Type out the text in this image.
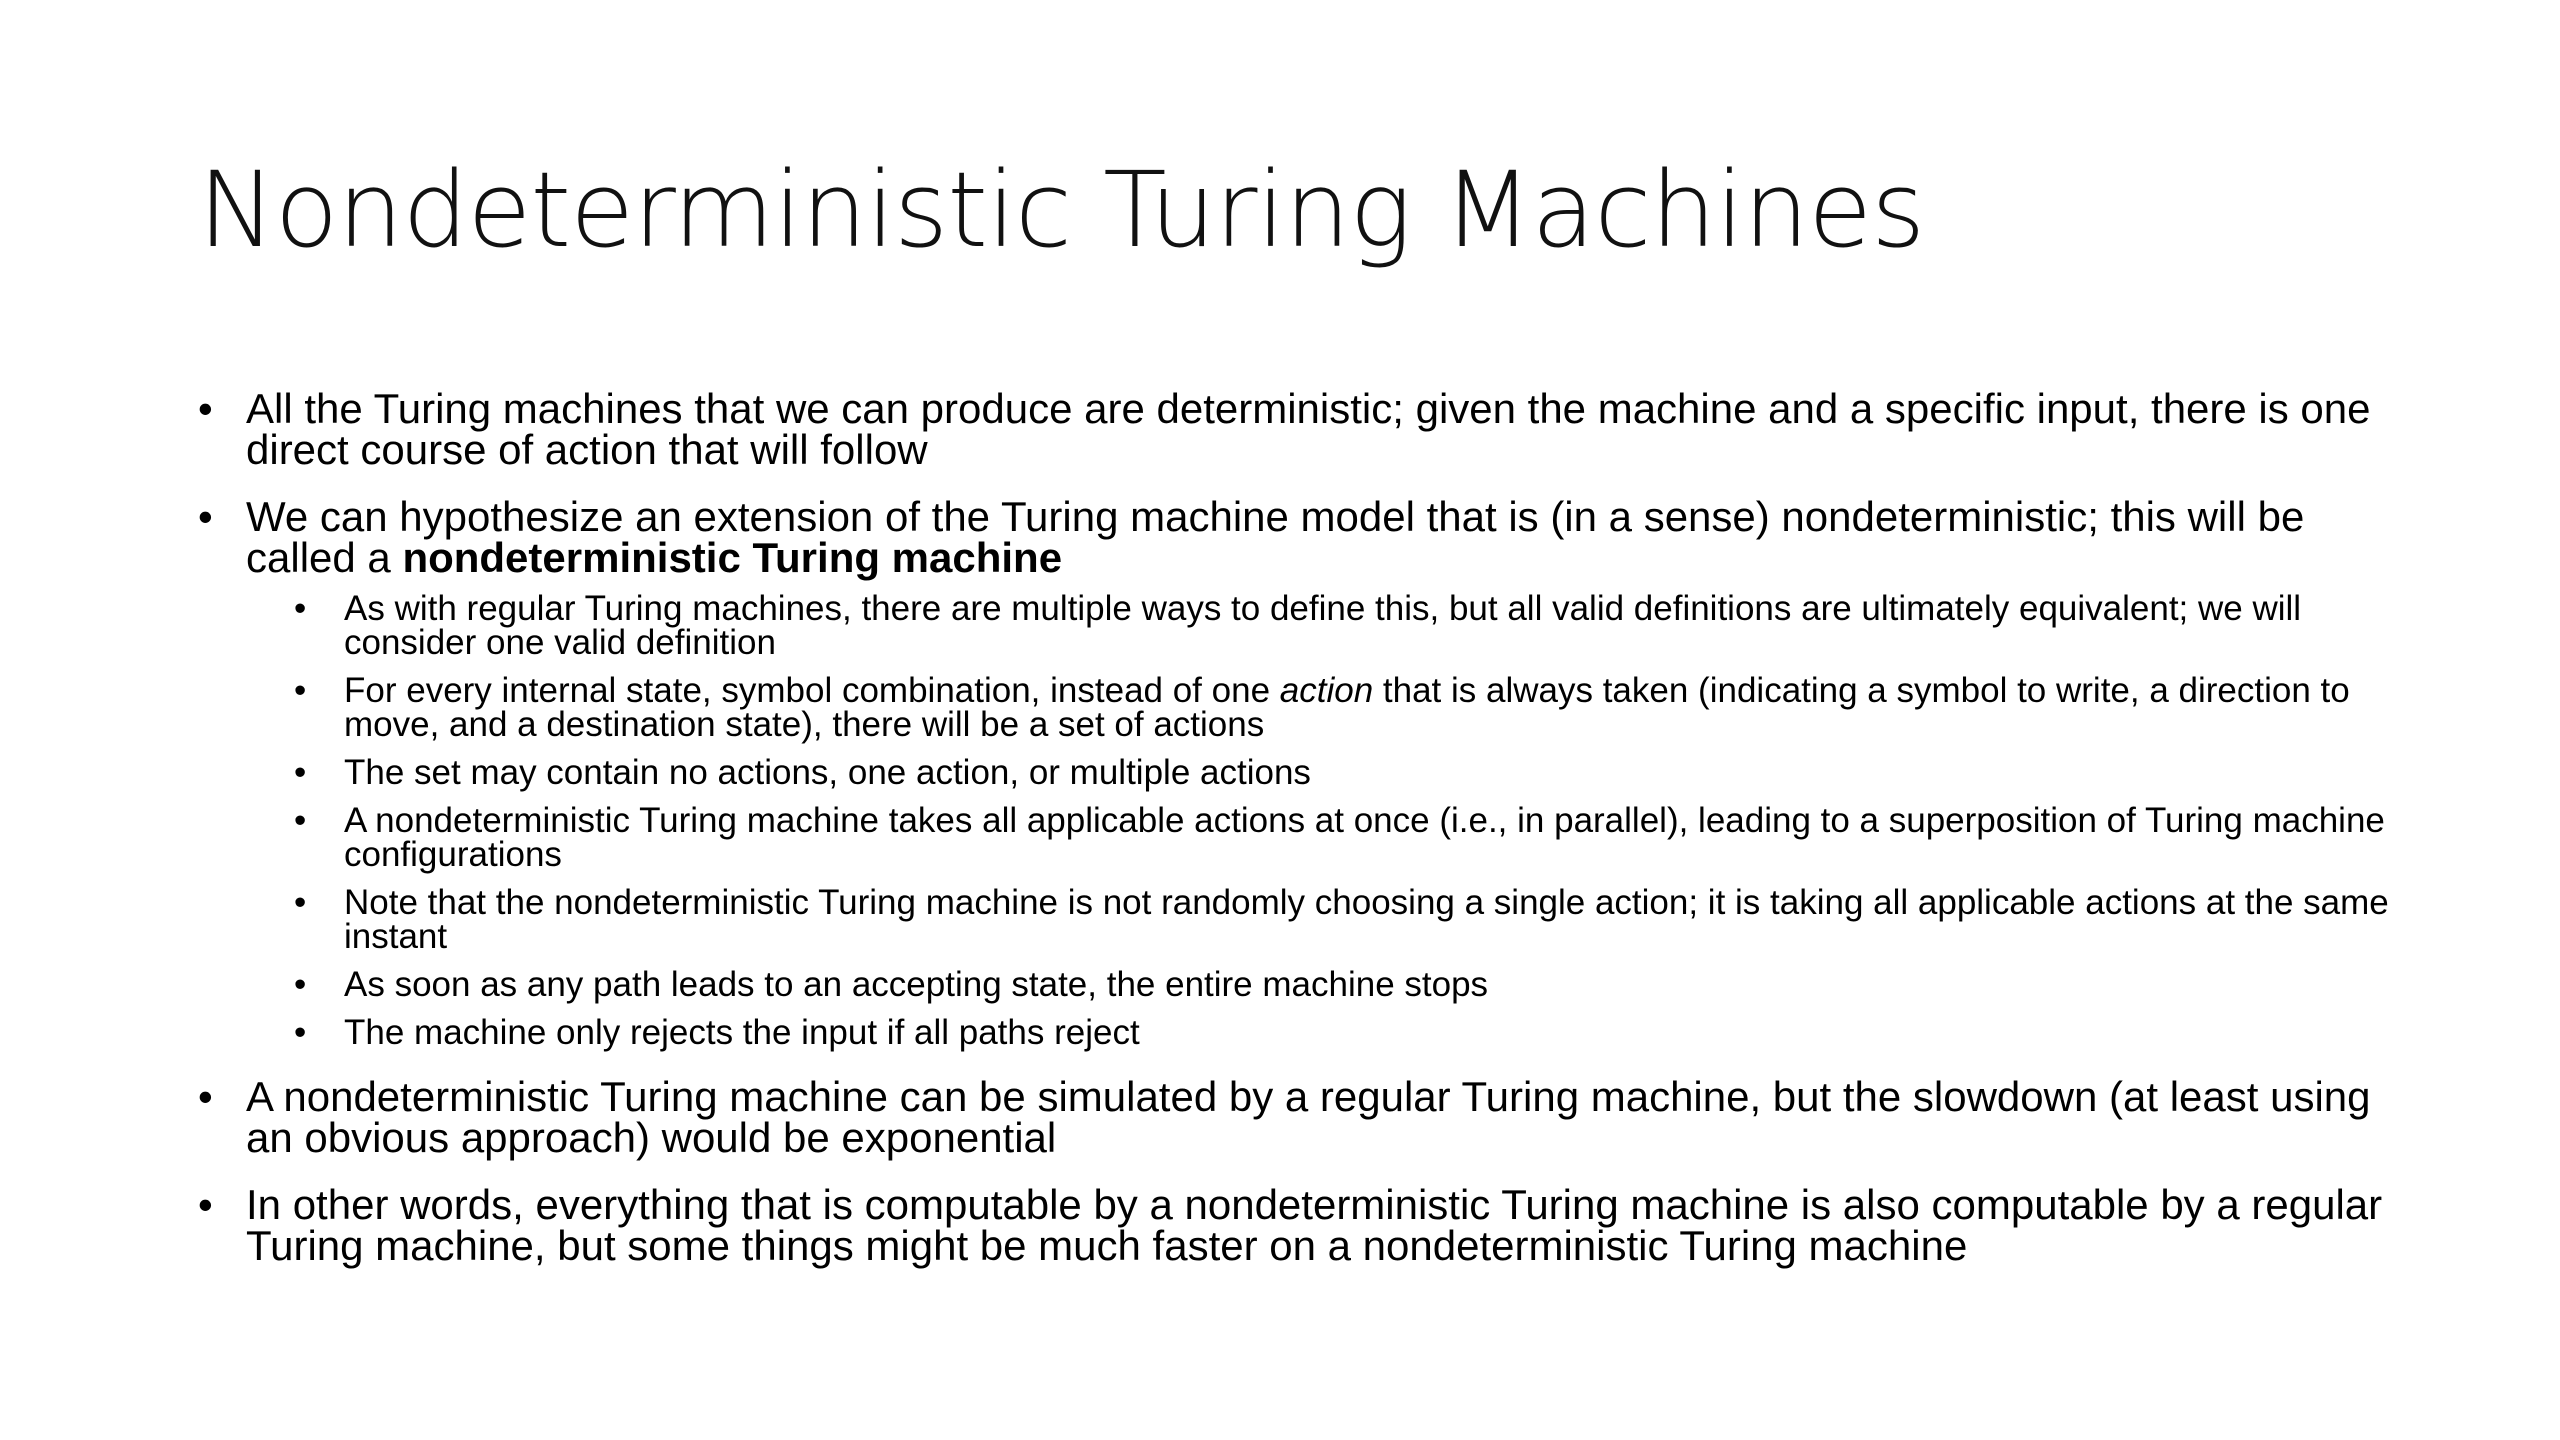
Nondeterministic Turing Machines
• All the Turing machines that we can produce are deterministic; given the machine and a specific input, there is one direct course of action that will follow
• We can hypothesize an extension of the Turing machine model that is (in a sense) nondeterministic; this will be called a nondeterministic Turing machine
•	As with regular Turing machines, there are multiple ways to define this, but all valid definitions are ultimately equivalent; we will consider one valid definition
•	For every internal state, symbol combination, instead of one action that is always taken (indicating a symbol to write, a direction to move, and a destination state), there will be a set of actions
•	The set may contain no actions, one action, or multiple actions
•	A nondeterministic Turing machine takes all applicable actions at once (i.e., in parallel), leading to a superposition of Turing machine configurations
•	Note that the nondeterministic Turing machine is not randomly choosing a single action; it is taking all applicable actions at the same instant
•	As soon as any path leads to an accepting state, the entire machine stops
•	The machine only rejects the input if all paths reject
• A nondeterministic Turing machine can be simulated by a regular Turing machine, but the slowdown (at least using an obvious approach) would be exponential
• In other words, everything that is computable by a nondeterministic Turing machine is also computable by a regular Turing machine, but some things might be much faster on a nondeterministic Turing machine
